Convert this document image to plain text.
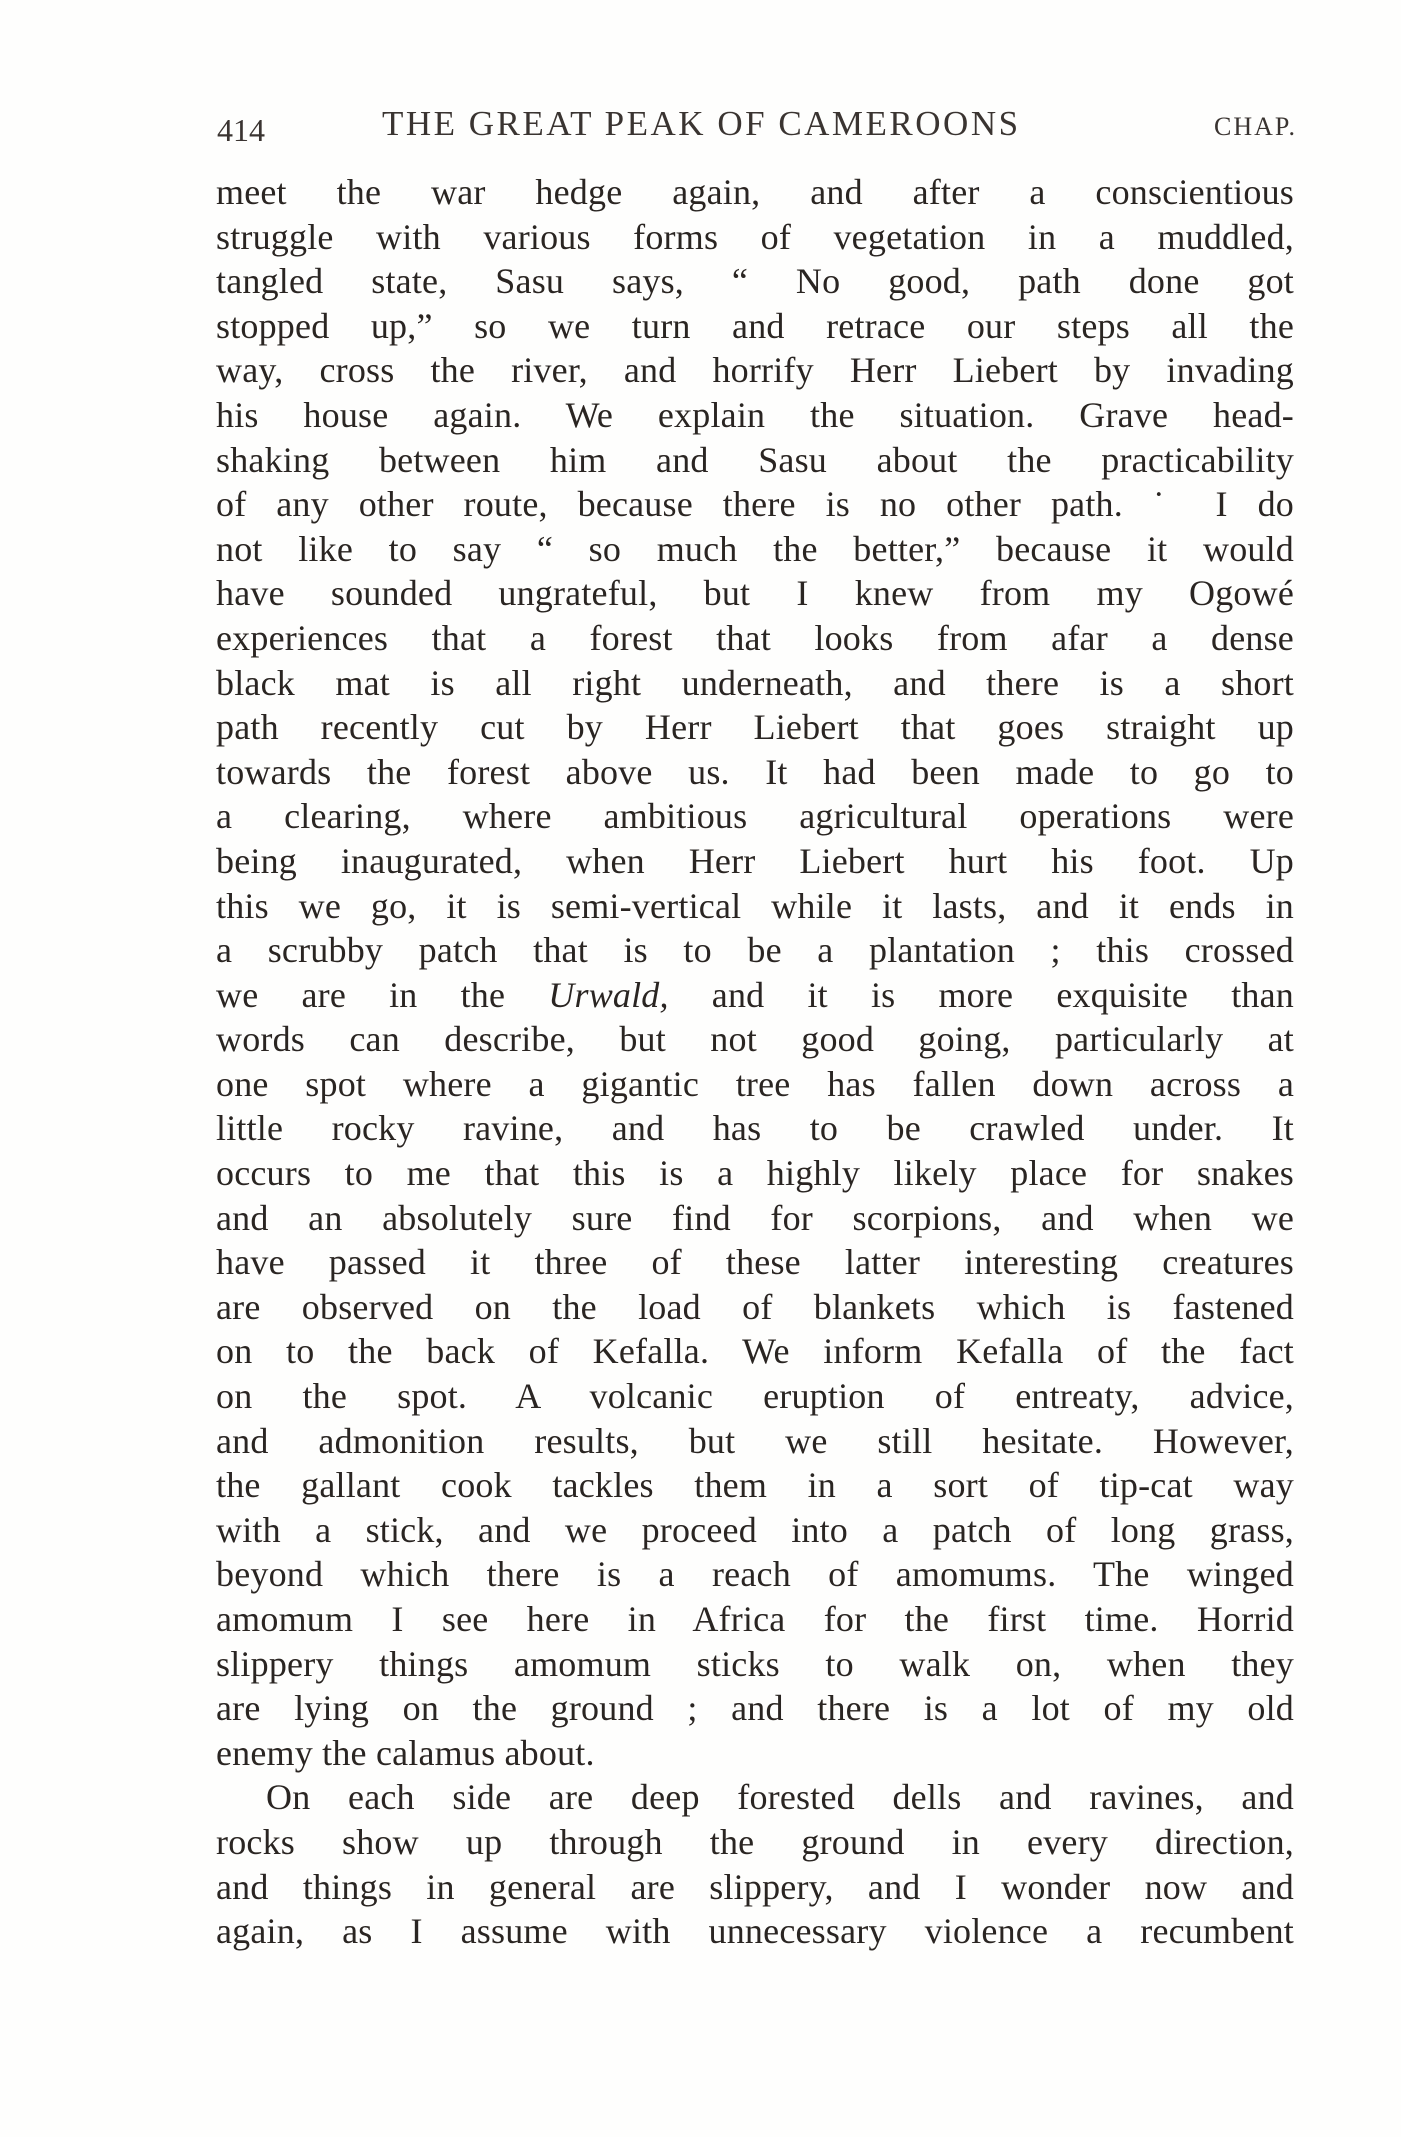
414	THE GREAT PEAK OF CAMEROONS	CHAP.
meet the war hedge again, and after a conscientious
struggle with various forms of vegetation in a muddled,
tangled state, Sasu says, “ No good, path done got
stopped up,” so we turn and retrace our steps all the
way, cross the river, and horrify Herr Liebert by invading
his house again. We explain the situation. Grave head-
shaking between him and Sasu about the practicability
of any other route, because there is no other path. ˙ I do
not like to say “ so much the better,” because it would
have sounded ungrateful, but I knew from my Ogowé
experiences that a forest that looks from afar a dense
black mat is all right underneath, and there is a short
path recently cut by Herr Liebert that goes straight up
towards the forest above us. It had been made to go to
a clearing, where ambitious agricultural operations were
being inaugurated, when Herr Liebert hurt his foot. Up
this we go, it is semi-vertical while it lasts, and it ends in
a scrubby patch that is to be a plantation ; this crossed
we are in the Urwald, and it is more exquisite than
words can describe, but not good going, particularly at
one spot where a gigantic tree has fallen down across a
little rocky ravine, and has to be crawled under. It
occurs to me that this is a highly likely place for snakes
and an absolutely sure find for scorpions, and when we
have passed it three of these latter interesting creatures
are observed on the load of blankets which is fastened
on to the back of Kefalla. We inform Kefalla of the fact
on the spot. A volcanic eruption of entreaty, advice,
and admonition results, but we still hesitate. However,
the gallant cook tackles them in a sort of tip-cat way
with a stick, and we proceed into a patch of long grass,
beyond which there is a reach of amomums. The winged
amomum I see here in Africa for the first time. Horrid
slippery things amomum sticks to walk on, when they
are lying on the ground ; and there is a lot of my old
enemy the calamus about.
On each side are deep forested dells and ravines, and
rocks show up through the ground in every direction,
and things in general are slippery, and I wonder now and
again, as I assume with unnecessary violence a recumbent
